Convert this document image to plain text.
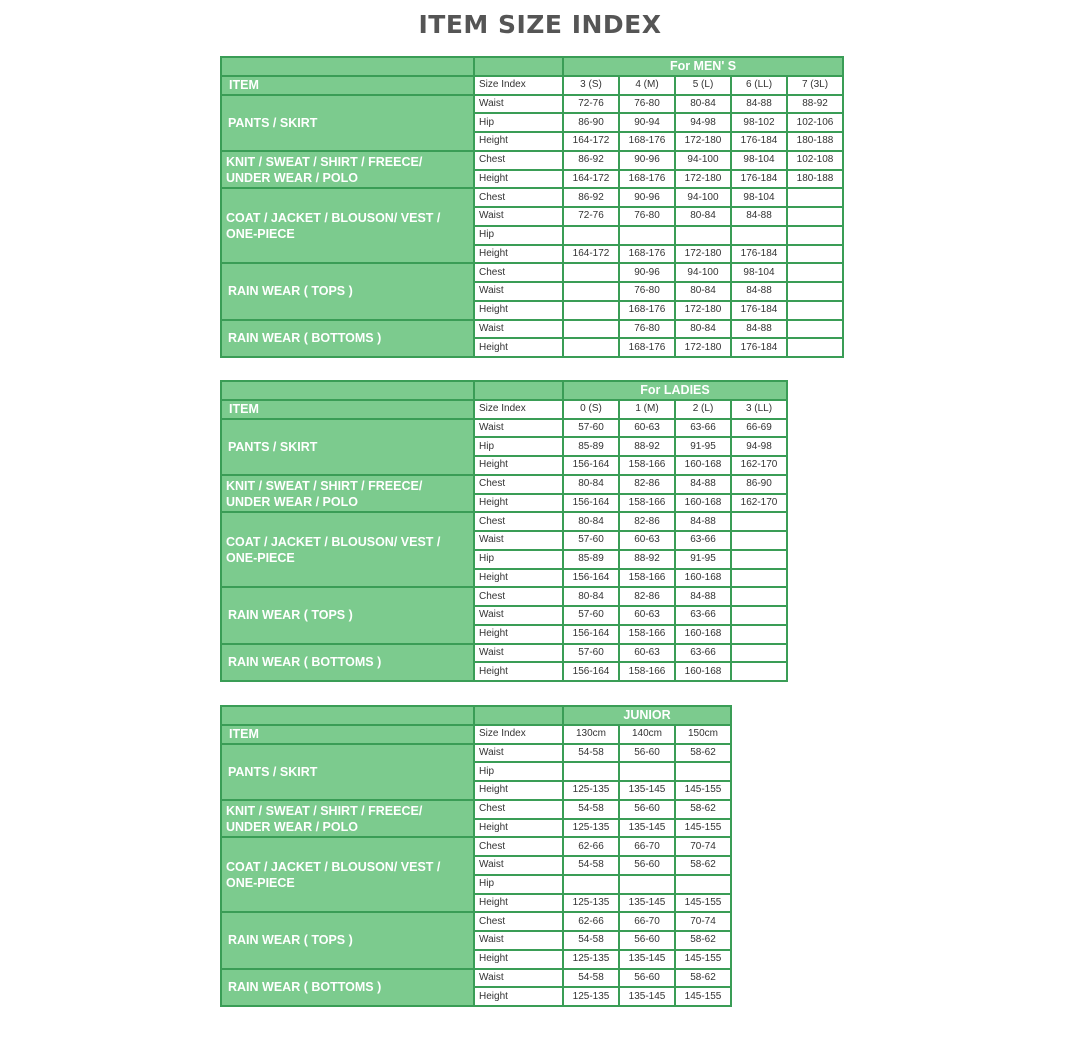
ITEM SIZE INDEX
		For MEN' S				
ITEM	Size Index	3 (S)	4 (M)	5 (L)	6 (LL)	7 (3L)
PANTS / SKIRT	Waist	72-76	76-80	80-84	84-88	88-92
	Hip	86-90	90-94	94-98	98-102	102-106
	Height	164-172	168-176	172-180	176-184	180-188
KNIT / SWEAT / SHIRT / FREECE/ UNDER WEAR / POLO	Chest	86-92	90-96	94-100	98-104	102-108
	Height	164-172	168-176	172-180	176-184	180-188
COAT / JACKET / BLOUSON/ VEST / ONE-PIECE	Chest	86-92	90-96	94-100	98-104	
	Waist	72-76	76-80	80-84	84-88	
	Hip					
	Height	164-172	168-176	172-180	176-184	
RAIN WEAR ( TOPS )	Chest		90-96	94-100	98-104	
	Waist		76-80	80-84	84-88	
	Height		168-176	172-180	176-184	
RAIN WEAR ( BOTTOMS )	Waist		76-80	80-84	84-88	
	Height		168-176	172-180	176-184	
		For LADIES			
ITEM	Size Index	0 (S)	1 (M)	2 (L)	3 (LL)
PANTS / SKIRT	Waist	57-60	60-63	63-66	66-69
	Hip	85-89	88-92	91-95	94-98
	Height	156-164	158-166	160-168	162-170
KNIT / SWEAT / SHIRT / FREECE/ UNDER WEAR / POLO	Chest	80-84	82-86	84-88	86-90
	Height	156-164	158-166	160-168	162-170
COAT / JACKET / BLOUSON/ VEST / ONE-PIECE	Chest	80-84	82-86	84-88	
	Waist	57-60	60-63	63-66	
	Hip	85-89	88-92	91-95	
	Height	156-164	158-166	160-168	
RAIN WEAR ( TOPS )	Chest	80-84	82-86	84-88	
	Waist	57-60	60-63	63-66	
	Height	156-164	158-166	160-168	
RAIN WEAR ( BOTTOMS )	Waist	57-60	60-63	63-66	
	Height	156-164	158-166	160-168	
		JUNIOR		
ITEM	Size Index	130cm	140cm	150cm
PANTS / SKIRT	Waist	54-58	56-60	58-62
	Hip			
	Height	125-135	135-145	145-155
KNIT / SWEAT / SHIRT / FREECE/ UNDER WEAR / POLO	Chest	54-58	56-60	58-62
	Height	125-135	135-145	145-155
COAT / JACKET / BLOUSON/ VEST / ONE-PIECE	Chest	62-66	66-70	70-74
	Waist	54-58	56-60	58-62
	Hip			
	Height	125-135	135-145	145-155
RAIN WEAR ( TOPS )	Chest	62-66	66-70	70-74
	Waist	54-58	56-60	58-62
	Height	125-135	135-145	145-155
RAIN WEAR ( BOTTOMS )	Waist	54-58	56-60	58-62
	Height	125-135	135-145	145-155
